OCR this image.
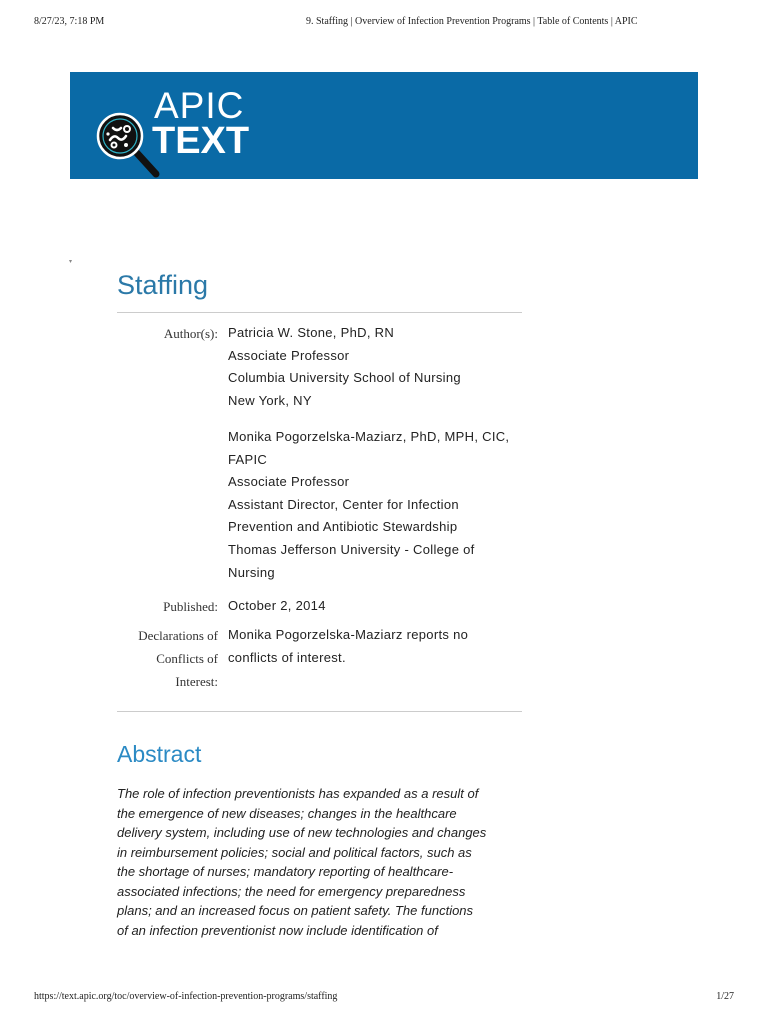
8/27/23, 7:18 PM	9. Staffing | Overview of Infection Prevention Programs | Table of Contents | APIC
APIC
TEXT
▾
Staffing
Author(s): Patricia W. Stone, PhD, RN
Associate Professor
Columbia University School of Nursing
New York, NY
Monika Pogorzelska-Maziarz, PhD, MPH, CIC,
FAPIC
Associate Professor
Assistant Director, Center for Infection
Prevention and Antibiotic Stewardship
Thomas Jefferson University - College of
Nursing
Published: October 2, 2014
Declarations of
Conflicts of
Interest:
Monika Pogorzelska-Maziarz reports no
conflicts of interest.
Abstract
The role of infection preventionists has expanded as a result of
the emergence of new diseases; changes in the healthcare
delivery system, including use of new technologies and changes
in reimbursement policies; social and political factors, such as
the shortage of nurses; mandatory reporting of healthcare-
associated infections; the need for emergency preparedness
plans; and an increased focus on patient safety. The functions
of an infection preventionist now include identification of
https://text.apic.org/toc/overview-of-infection-prevention-programs/staffing	1/27
